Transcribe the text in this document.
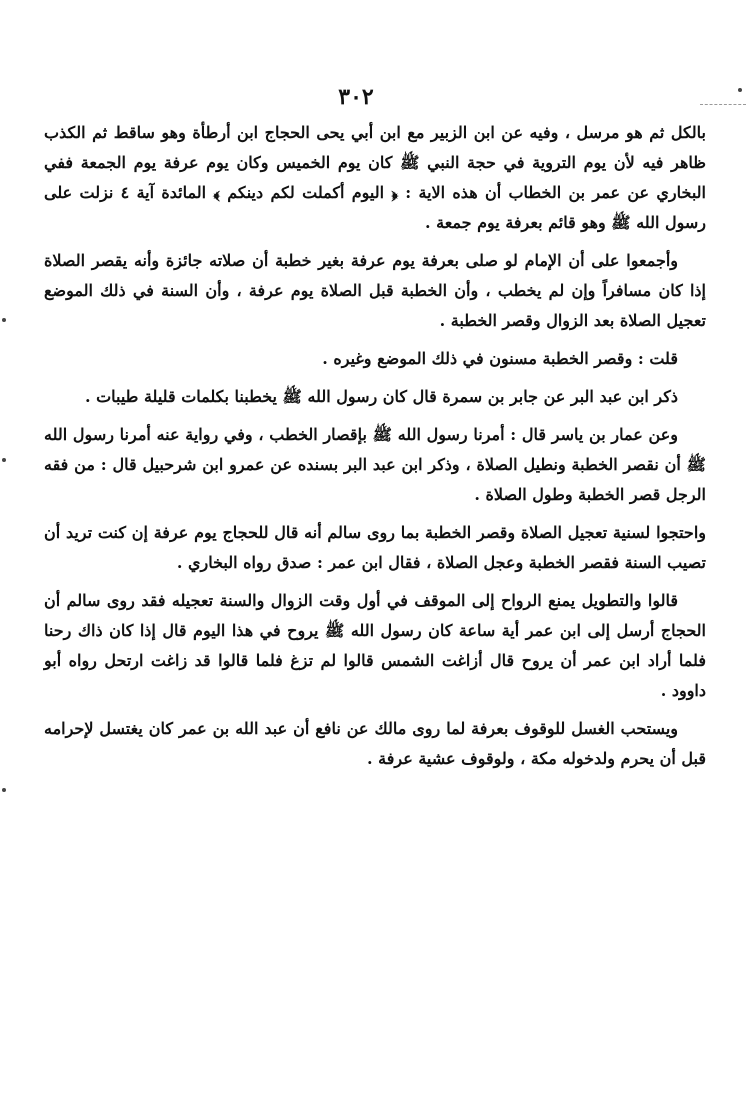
٣٠٢

بالكل ثم هو مرسل ، وفيه عن ابن الزبير مع ابن أبي يحى الحجاج ابن أرطأة وهو ساقط ثم الكذب ظاهر فيه لأن يوم التروية في حجة النبي ﷺ كان يوم الخميس وكان يوم عرفة يوم الجمعة ففي البخاري عن عمر بن الخطاب أن هذه الاية : ﴿ اليوم أكملت لكم دينكم ﴾ المائدة آية ٤ نزلت على رسول الله ﷺ وهو قائم بعرفة يوم جمعة .

وأجمعوا على أن الإمام لو صلى بعرفة يوم عرفة بغير خطبة أن صلاته جائزة وأنه يقصر الصلاة إذا كان مسافراً وإن لم يخطب ، وأن الخطبة قبل الصلاة يوم عرفة ، وأن السنة في ذلك الموضع تعجيل الصلاة بعد الزوال وقصر الخطبة .

قلت : وقصر الخطبة مسنون في ذلك الموضع وغيره .

ذكر ابن عبد البر عن جابر بن سمرة قال كان رسول الله ﷺ يخطبنا بكلمات قليلة طيبات .

وعن عمار بن ياسر قال : أمرنا رسول الله ﷺ بإقصار الخطب ، وفي رواية عنه أمرنا رسول الله ﷺ أن نقصر الخطبة ونطيل الصلاة ، وذكر ابن عبد البر بسنده عن عمرو ابن شرحبيل قال : من فقه الرجل قصر الخطبة وطول الصلاة .

واحتجوا لسنية تعجيل الصلاة وقصر الخطبة بما روى سالم أنه قال للحجاج يوم عرفة إن كنت تريد أن تصيب السنة فقصر الخطبة وعجل الصلاة ، فقال ابن عمر : صدق رواه البخاري .

قالوا والتطويل يمنع الرواح إلى الموقف في أول وقت الزوال والسنة تعجيله فقد روى سالم أن الحجاج أرسل إلى ابن عمر أية ساعة كان رسول الله ﷺ يروح في هذا اليوم قال إذا كان ذاك رحنا فلما أراد ابن عمر أن يروح قال أزاغت الشمس قالوا لم تزغ فلما قالوا قد زاغت ارتحل رواه أبو داوود .

ويستحب الغسل للوقوف بعرفة لما روى مالك عن نافع أن عبد الله بن عمر كان يغتسل لإحرامه قبل أن يحرم ولدخوله مكة ، ولوقوف عشية عرفة .
